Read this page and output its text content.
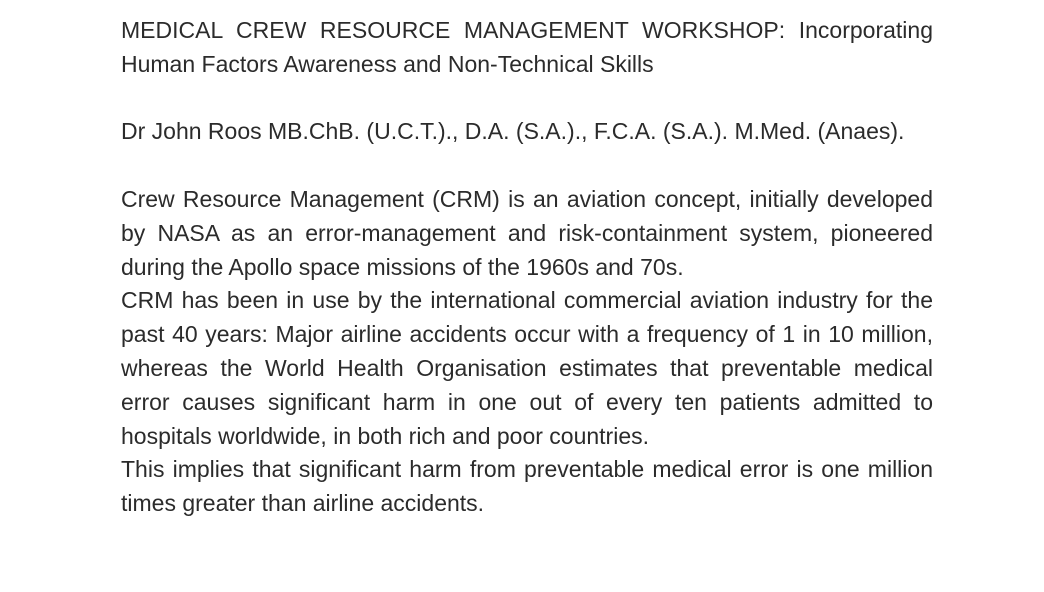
MEDICAL CREW RESOURCE MANAGEMENT WORKSHOP: Incorporating Human Factors Awareness and Non-Technical Skills

Dr John Roos MB.ChB. (U.C.T.)., D.A. (S.A.)., F.C.A. (S.A.). M.Med. (Anaes).

Crew Resource Management (CRM) is an aviation concept, initially developed by NASA as an error-management and risk-containment system, pioneered during the Apollo space missions of the 1960s and 70s.

CRM has been in use by the international commercial aviation industry for the past 40 years: Major airline accidents occur with a frequency of 1 in 10 million, whereas the World Health Organisation estimates that preventable medical error causes significant harm in one out of every ten patients admitted to hospitals worldwide, in both rich and poor countries.

This implies that significant harm from preventable medical error is one million times greater than airline accidents.
